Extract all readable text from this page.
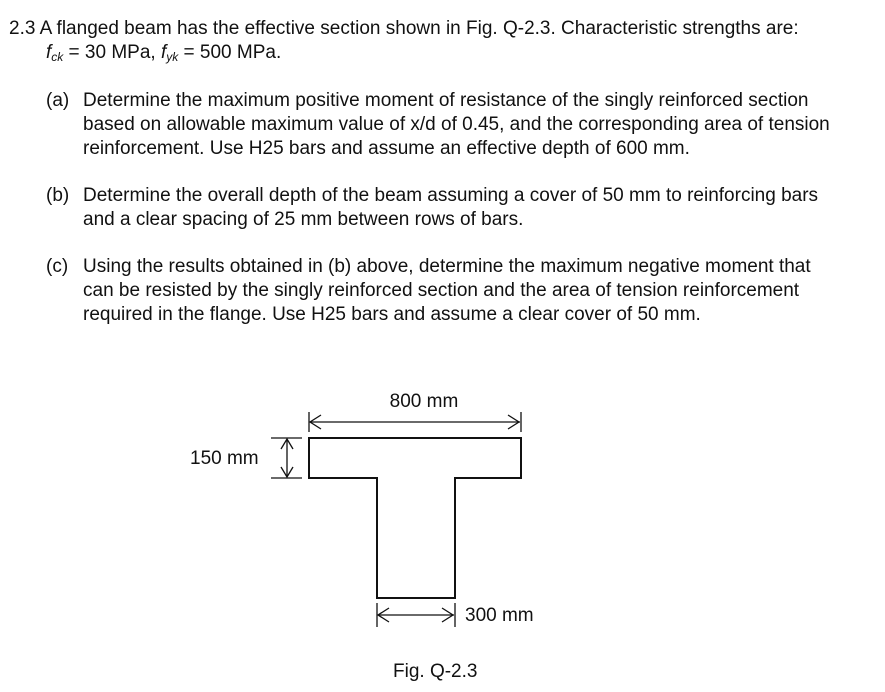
2.3 A flanged beam has the effective section shown in Fig. Q-2.3. Characteristic strengths are:
fck = 30 MPa, fyk = 500 MPa.
(a) Determine the maximum positive moment of resistance of the singly reinforced section
based on allowable maximum value of x/d of 0.45, and the corresponding area of tension
reinforcement. Use H25 bars and assume an effective depth of 600 mm.
(b) Determine the overall depth of the beam assuming a cover of 50 mm to reinforcing bars
and a clear spacing of 25 mm between rows of bars.
(c) Using the results obtained in (b) above, determine the maximum negative moment that
can be resisted by the singly reinforced section and the area of tension reinforcement
required in the flange. Use H25 bars and assume a clear cover of 50 mm.
800 mm
150 mm
300 mm
Fig. Q-2.3
